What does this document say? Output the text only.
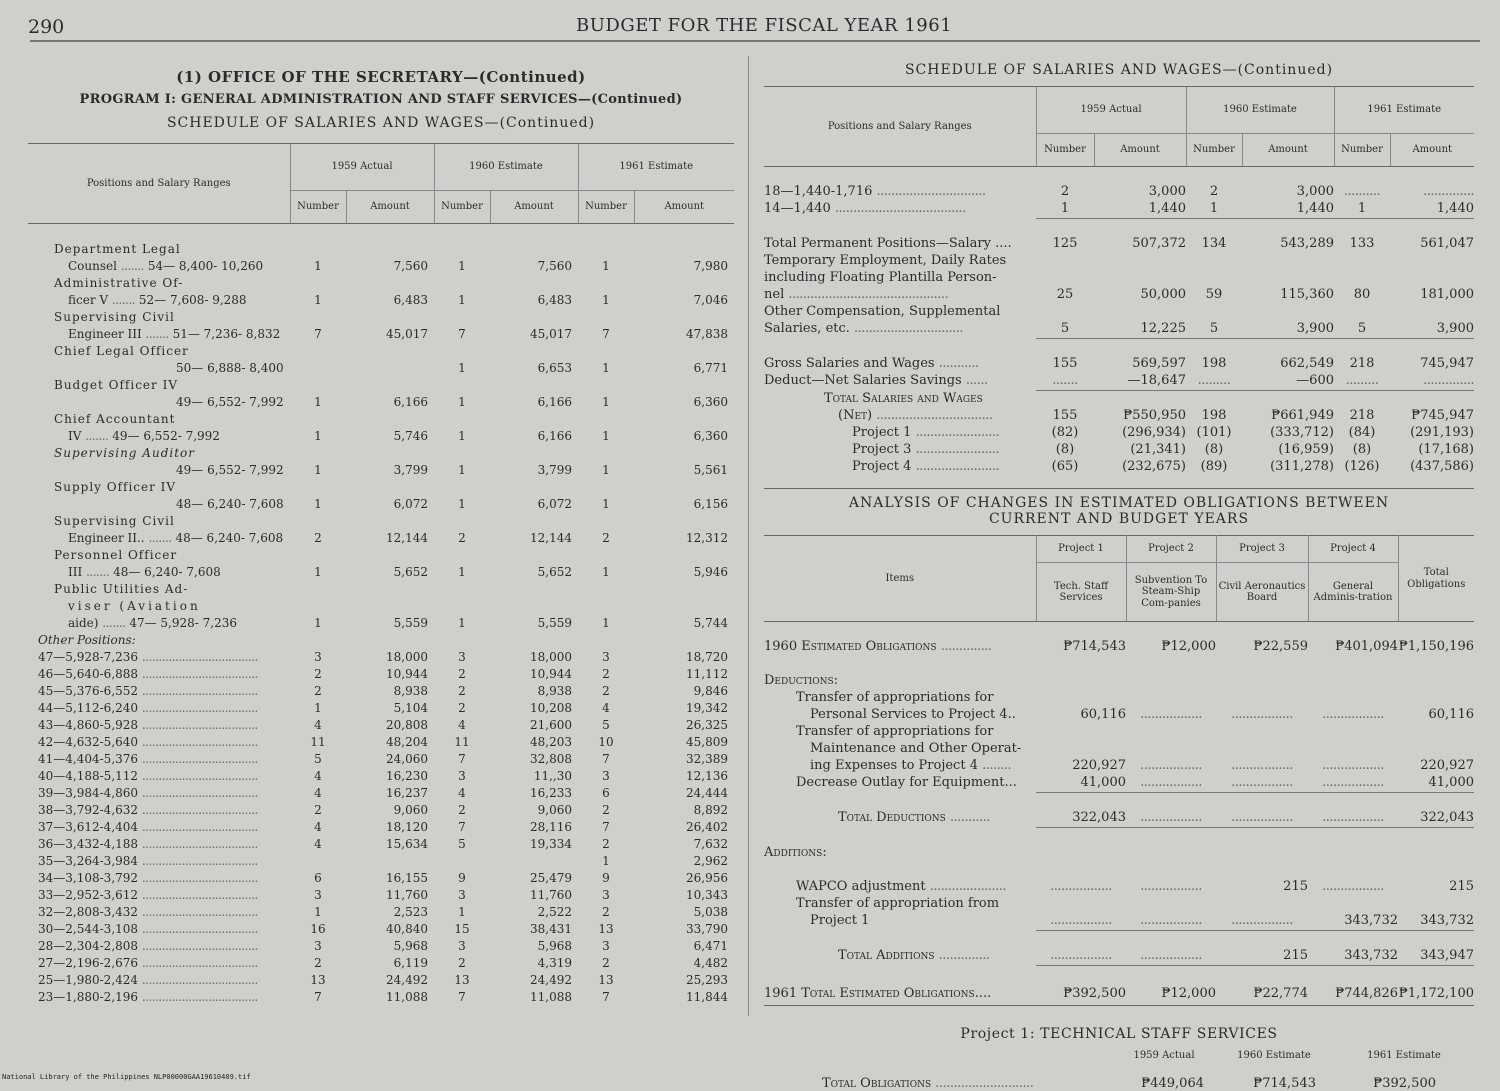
290	BUDGET FOR THE FISCAL YEAR 1961
(1) OFFICE OF THE SECRETARY—(Continued)
PROGRAM I: GENERAL ADMINISTRATION AND STAFF SERVICES—(Continued)
SCHEDULE OF SALARIES AND WAGES—(Continued)
Positions and Salary Ranges	1959 Actual		1960 Estimate		1961 Estimate	
	Number	Amount	Number	Amount	Number	Amount

Department Legal						
Counsel ....... 54— 8,400- 10,260	1	7,560	1	7,560	1	7,980
Administrative Of-						
ficer V ....... 52— 7,608- 9,288	1	6,483	1	6,483	1	7,046
Supervising Civil						
Engineer III ....... 51— 7,236- 8,832	7	45,017	7	45,017	7	47,838
Chief Legal Officer						
50— 6,888- 8,400			1	6,653	1	6,771
Budget Officer IV						
49— 6,552- 7,992	1	6,166	1	6,166	1	6,360
Chief Accountant						
IV ....... 49— 6,552- 7,992	1	5,746	1	6,166	1	6,360
Supervising Auditor						
49— 6,552- 7,992	1	3,799	1	3,799	1	5,561
Supply Officer IV						
48— 6,240- 7,608	1	6,072	1	6,072	1	6,156
Supervising Civil						
Engineer II.. ....... 48— 6,240- 7,608	2	12,144	2	12,144	2	12,312
Personnel Officer						
III ....... 48— 6,240- 7,608	1	5,652	1	5,652	1	5,946
Public Utilities Ad-						
viser (Aviation						
aide) ....... 47— 5,928- 7,236	1	5,559	1	5,559	1	5,744
Other Positions:						
47—5,928-7,236 ...................................	3	18,000	3	18,000	3	18,720
46—5,640-6,888 ...................................	2	10,944	2	10,944	2	11,112
45—5,376-6,552 ...................................	2	8,938	2	8,938	2	9,846
44—5,112-6,240 ...................................	1	5,104	2	10,208	4	19,342
43—4,860-5,928 ...................................	4	20,808	4	21,600	5	26,325
42—4,632-5,640 ...................................	11	48,204	11	48,203	10	45,809
41—4,404-5,376 ...................................	5	24,060	7	32,808	7	32,389
40—4,188-5,112 ...................................	4	16,230	3	11,,30	3	12,136
39—3,984-4,860 ...................................	4	16,237	4	16,233	6	24,444
38—3,792-4,632 ...................................	2	9,060	2	9,060	2	8,892
37—3,612-4,404 ...................................	4	18,120	7	28,116	7	26,402
36—3,432-4,188 ...................................	4	15,634	5	19,334	2	7,632
35—3,264-3,984 ...................................					1	2,962
34—3,108-3,792 ...................................	6	16,155	9	25,479	9	26,956
33—2,952-3,612 ...................................	3	11,760	3	11,760	3	10,343
32—2,808-3,432 ...................................	1	2,523	1	2,522	2	5,038
30—2,544-3,108 ...................................	16	40,840	15	38,431	13	33,790
28—2,304-2,808 ...................................	3	5,968	3	5,968	3	6,471
27—2,196-2,676 ...................................	2	6,119	2	4,319	2	4,482
25—1,980-2,424 ...................................	13	24,492	13	24,492	13	25,293
23—1,880-2,196 ...................................	7	11,088	7	11,088	7	11,844
SCHEDULE OF SALARIES AND WAGES—(Continued)
Positions and Salary Ranges	1959 Actual		1960 Estimate		1961 Estimate	
	Number	Amount	Number	Amount	Number	Amount

18—1,440-1,716 ..............................	2	3,000	2	3,000	..........	..............
14—1,440 ....................................	1	1,440	1	1,440	1	1,440

Total Permanent Positions—Salary ....	125	507,372	134	543,289	133	561,047
Temporary Employment, Daily Rates						
including Floating Plantilla Person-						
nel ............................................	25	50,000	59	115,360	80	181,000
Other Compensation, Supplemental						
Salaries, etc. ..............................	5	12,225	5	3,900	5	3,900

Gross Salaries and Wages ...........	155	569,597	198	662,549	218	745,947
Deduct—Net Salaries Savings ......	.......	—18,647	.........	—600	.........	..............
Total Salaries and Wages						
(Net) ................................	155	₱550,950	198	₱661,949	218	₱745,947
Project 1 .......................	(82)	(296,934)	(101)	(333,712)	(84)	(291,193)
Project 3 .......................	(8)	(21,341)	(8)	(16,959)	(8)	(17,168)
Project 4 .......................	(65)	(232,675)	(89)	(311,278)	(126)	(437,586)
ANALYSIS OF CHANGES IN ESTIMATED OBLIGATIONS BETWEEN
CURRENT AND BUDGET YEARS
Items	Project 1	Project 2	Project 3	Project 4	Total Obligations
	Tech. Staff Services	Subvention To Steam-Ship Com-panies	Civil Aeronautics Board	General Adminis-tration	

1960 Estimated Obligations ..............	₱714,543	₱12,000	₱22,559	₱401,094	₱1,150,196

Deductions:					
Transfer of appropriations for					
Personal Services to Project 4..	60,116	.................	.................	.................	60,116
Transfer of appropriations for					
Maintenance and Other Operat-					
ing Expenses to Project 4 ........	220,927	.................	.................	.................	220,927
Decrease Outlay for Equipment...	41,000	.................	.................	.................	41,000

Total Deductions ...........	322,043	.................	.................	.................	322,043

Additions:					

WAPCO adjustment .....................	.................	.................	215	.................	215
Transfer of appropriation from					
Project 1	.................	.................	.................	343,732	343,732

Total Additions ..............	.................	.................	215	343,732	343,947

1961 Total Estimated Obligations....	₱392,500	₱12,000	₱22,774	₱744,826	₱1,172,100
Project 1: TECHNICAL STAFF SERVICES
1959 Actual	1960 Estimate	1961 Estimate
Total Obligations ...........................	₱449,064	₱714,543	₱392,500
National Library of the Philippines NLP00000GAA19610409.tif
